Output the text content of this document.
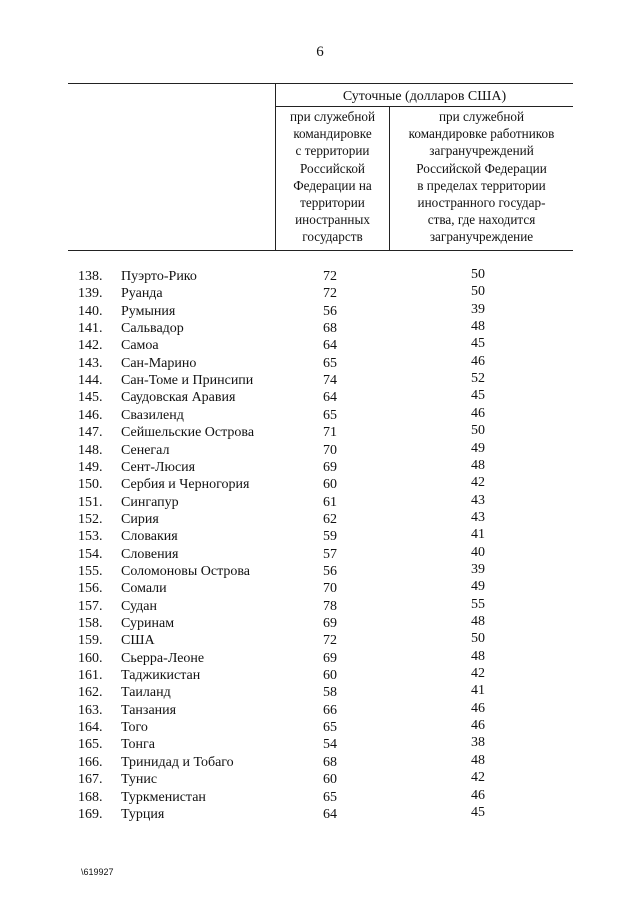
6
Суточные (долларов США)
при служебной
командировке
с территории
Российской
Федерации на
территории
иностранных
государств
при служебной
командировке работников
загранучреждений
Российской Федерации
в пределах территории
иностранного государ-
ства, где находится
загранучреждение
138. Пуэрто-Рико	72	50
139. Руанда	72	50
140. Румыния	56	39
141. Сальвадор	68	48
142. Самоа	64	45
143. Сан-Марино	65	46
144. Сан-Томе и Принсипи	74	52
145. Саудовская Аравия	64	45
146. Свазиленд	65	46
147. Сейшельские Острова	71	50
148. Сенегал	70	49
149. Сент-Люсия	69	48
150. Сербия и Черногория	60	42
151. Сингапур	61	43
152. Сирия	62	43
153. Словакия	59	41
154. Словения	57	40
155. Соломоновы Острова	56	39
156. Сомали	70	49
157. Судан	78	55
158. Суринам	69	48
159. США	72	50
160. Сьерра-Леоне	69	48
161. Таджикистан	60	42
162. Таиланд	58	41
163. Танзания	66	46
164. Того	65	46
165. Тонга	54	38
166. Тринидад и Тобаго	68	48
167. Тунис	60	42
168. Туркменистан	65	46
169. Турция	64	45
\619927
